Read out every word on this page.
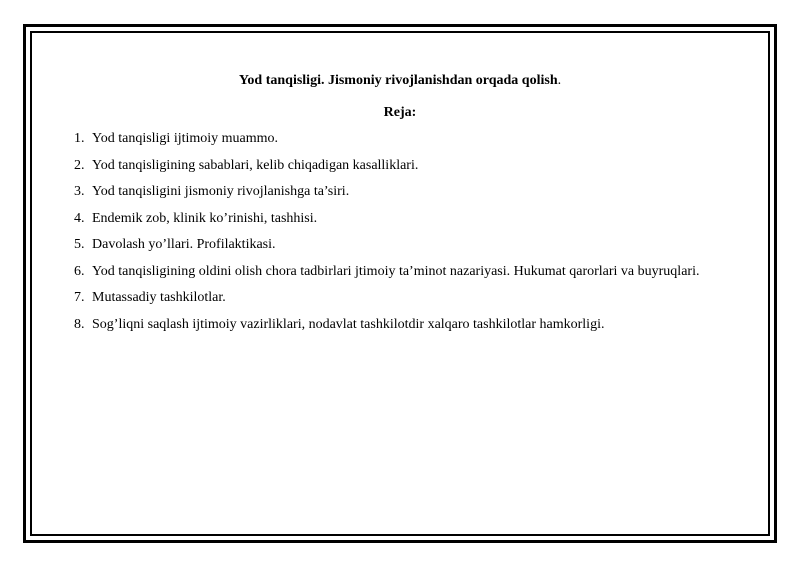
Yod tanqisligi. Jismoniy rivojlanishdan orqada qolish.
Reja:
1. Yod tanqisligi ijtimoiy muammo.
2. Yod tanqisligining sabablari, kelib chiqadigan kasalliklari.
3. Yod tanqisligini jismoniy rivojlanishga ta’siri.
4. Endemik zob, klinik ko’rinishi, tashhisi.
5. Davolash yo’llari. Profilaktikasi.
6. Yod tanqisligining oldini olish chora tadbirlari jtimoiy ta’minot nazariyasi. Hukumat qarorlari va buyruqlari.
7. Mutassadiy tashkilotlar.
8. Sog’liqni saqlash ijtimoiy vazirliklari, nodavlat tashkilotdir xalqaro tashkilotlar hamkorligi.
